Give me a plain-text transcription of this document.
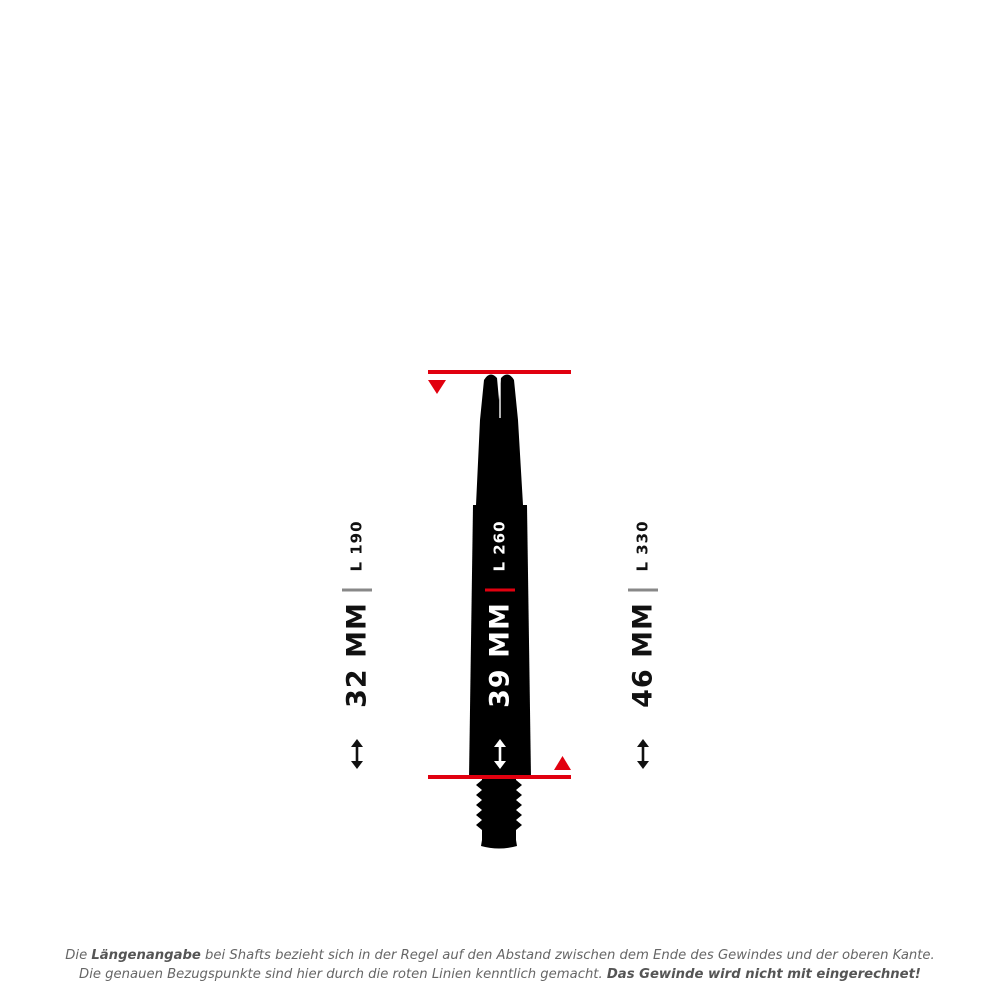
L 190	L 260	L 330
32 MM	39 MM	46 MM
Die Längenangabe bei Shafts bezieht sich in der Regel auf den Abstand zwischen dem Ende des Gewindes und der oberen Kante.
Die genauen Bezugspunkte sind hier durch die roten Linien kenntlich gemacht. Das Gewinde wird nicht mit eingerechnet!
